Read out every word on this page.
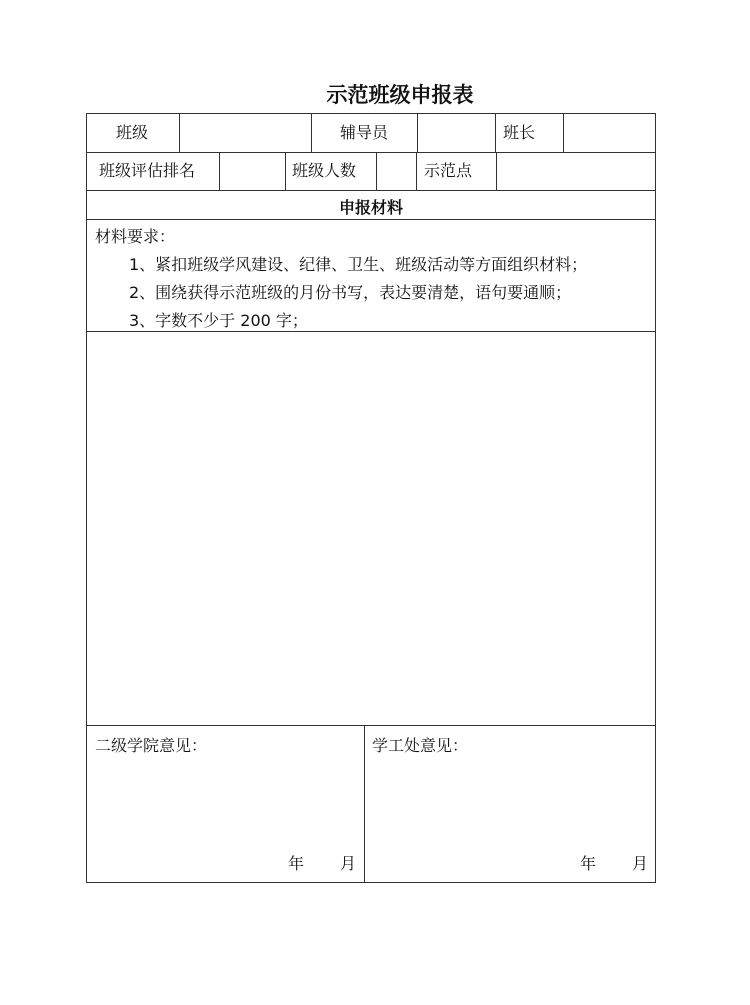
示范班级申报表
班级	辅导员	班长
班级评估排名	班级人数	示范点
申报材料
材料要求：
1、紧扣班级学风建设、纪律、卫生、班级活动等方面组织材料；
2、围绕获得示范班级的月份书写，表达要清楚，语句要通顺；
3、字数不少于 200 字；
二级学院意见：
年 月
学工处意见：
年 月
